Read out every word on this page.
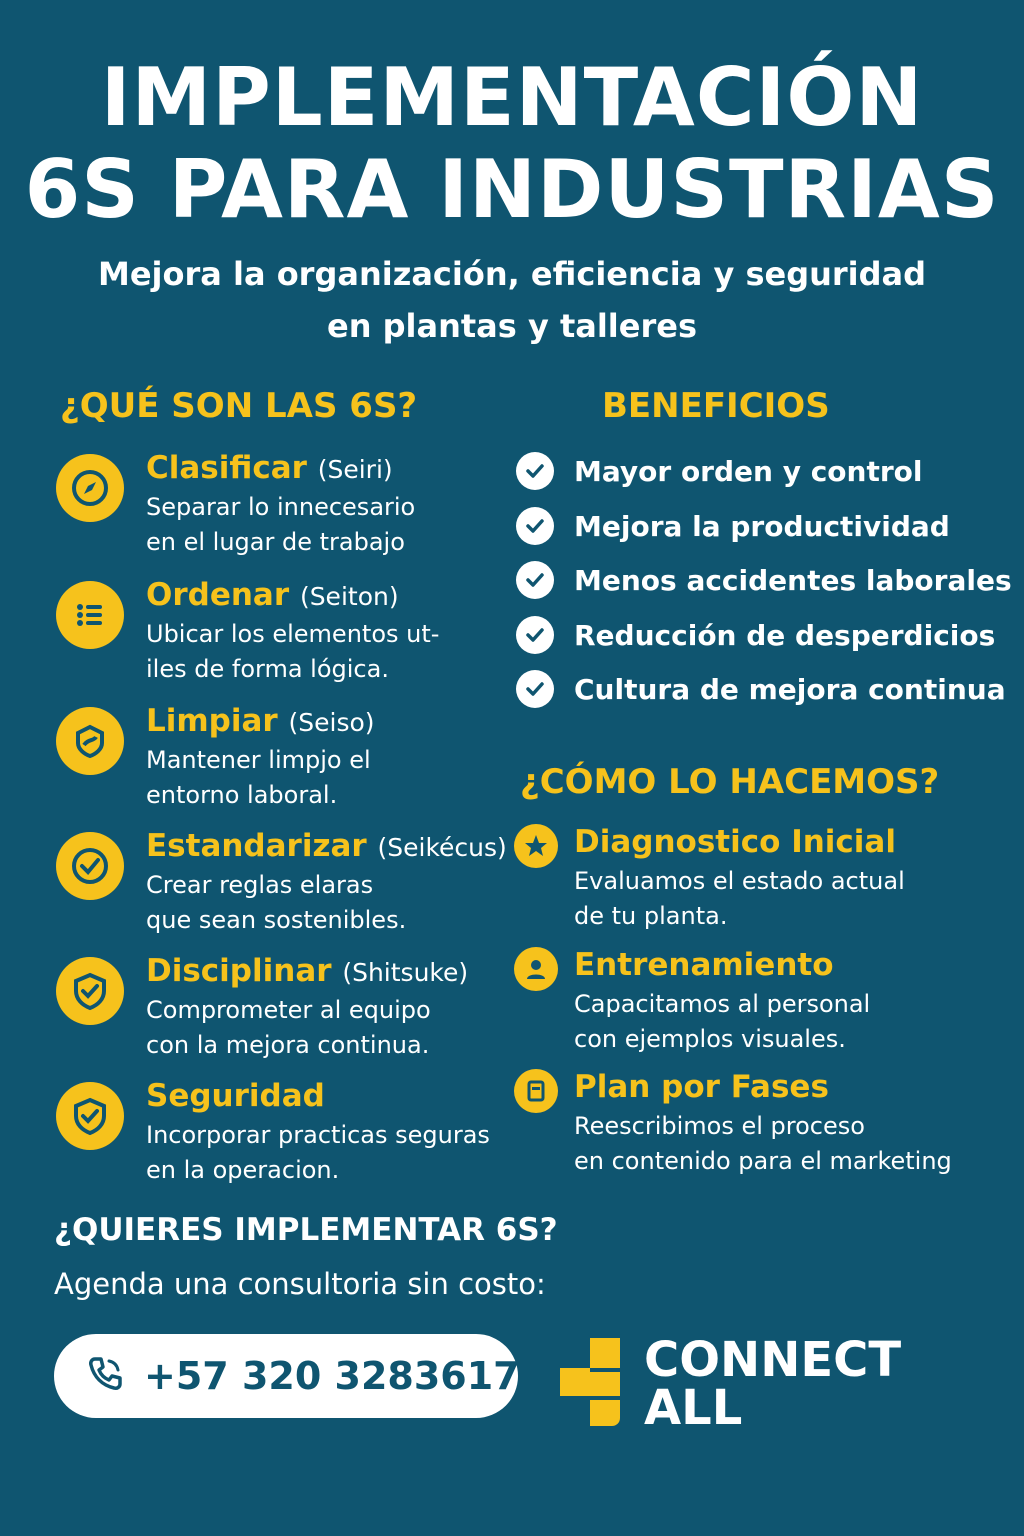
IMPLEMENTACIÓN
6S PARA INDUSTRIAS
Mejora la organización, eficiencia y seguridad
en plantas y talleres
¿QUÉ SON LAS 6S?
Clasificar (Seiri)
Separar lo innecesario
en el lugar de trabajo
Ordenar (Seiton)
Ubicar los elementos ut-
iles de forma lógica.
Limpiar (Seiso)
Mantener limpjo el
entorno laboral.
Estandarizar (Seikécus)
Crear reglas elaras
que sean sostenibles.
Disciplinar (Shitsuke)
Comprometer al equipo
con la mejora continua.
Seguridad
Incorporar practicas seguras
en la operacion.
BENEFICIOS
Mayor orden y control
Mejora la productividad
Menos accidentes laborales
Reducción de desperdicios
Cultura de mejora continua
¿CÓMO LO HACEMOS?
Diagnostico Inicial
Evaluamos el estado actual
de tu planta.
Entrenamiento
Capacitamos al personal
con ejemplos visuales.
Plan por Fases
Reescribimos el proceso
en contenido para el marketing
¿QUIERES IMPLEMENTAR 6S?
Agenda una consultoria sin costo:
+57 320 3283617	CONNECT
ALL
